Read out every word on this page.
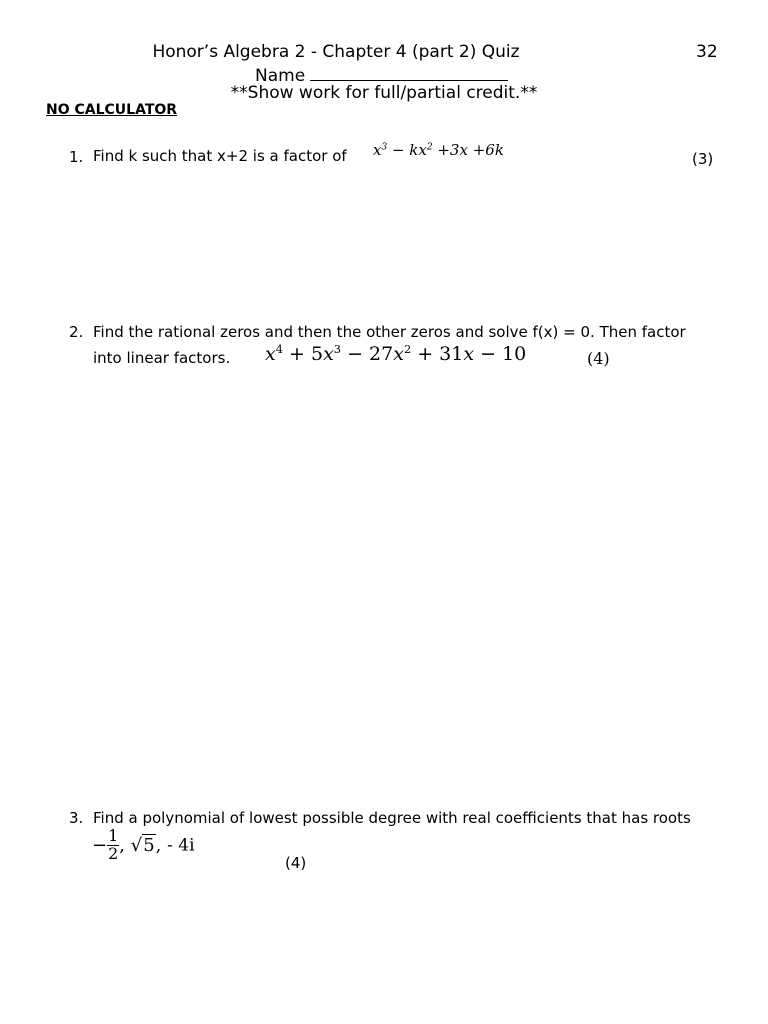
Honor’s Algebra 2 - Chapter 4 (part 2) Quiz	32
Name
**Show work for full/partial credit.**
NO CALCULATOR
1. Find k such that x+2 is a factor of $x^3 - kx^2 +3x +6k$	(3)
2. Find the rational zeros and then the other zeros and solve f(x) = 0. Then factor
into linear factors. $x^4 + 5x^3 - 27x^2 + 31x - 10$	(4)
3. Find a polynomial of lowest possible degree with real coefficients that has roots
− $\frac{1}{2}$ , √5, - 4i
(4)
